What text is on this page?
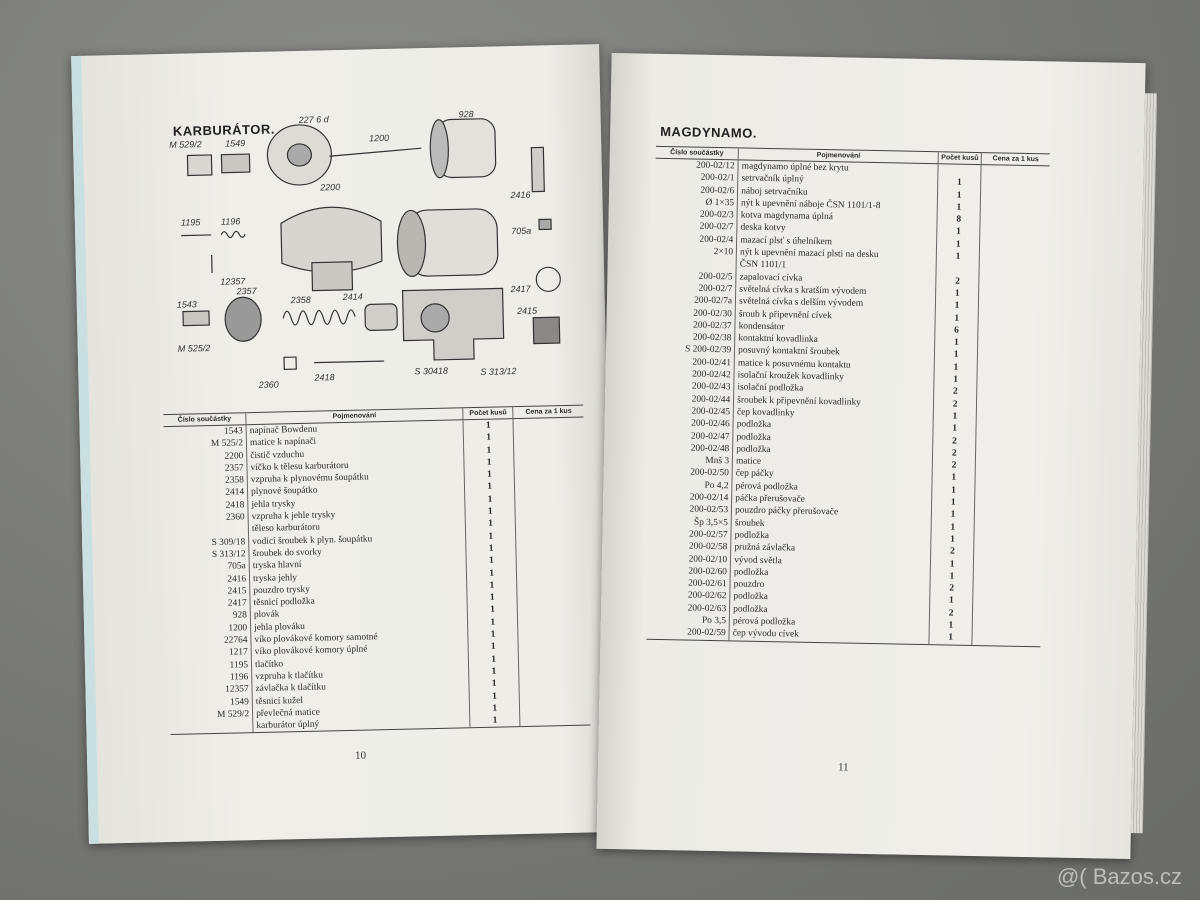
KARBURÁTOR.
M 529/2	1549
227 6 d
928
1200
2416
2200
1195 1196
12357
705a
2417
1543
2357
2358	2414
M 525/2
2415
2360
2418
S 30418	S 313/12
Číslo součástky	Pojmenování	Počet kusů	Cena za 1 kus
1543	napínač Bowdenu	1	
M 525/2	matice k napínači	1	
2200	čistič vzduchu	1	
2357	víčko k tělesu karburátoru	1	
2358	vzpruha k plynovému šoupátku	1	
2414	plynové šoupátko	1	
2418	jehla trysky	1	
2360	vzpruha k jehle trysky	1	
	těleso karburátoru	1	
S 309/18	vodicí šroubek k plyn. šoupátku	1	
S 313/12	šroubek do svorky	1	
705a	tryska hlavní	1	
2416	tryska jehly	1	
2415	pouzdro trysky	1	
2417	těsnicí podložka	1	
928	plovák	1	
1200	jehla plováku	1	
22764	víko plovákové komory samotné	1	
1217	víko plovákové komory úplné	1	
1195	tlačítko	1	
1196	vzpruha k tlačítku	1	
12357	závlačka k tlačítku	1	
1549	těsnicí kužel	1	
M 529/2	převlečná matice	1	
	karburátor úplný	1	
10
MAGDYNAMO.
Číslo součástky	Pojmenování	Počet kusů	Cena za 1 kus
200-02/12	magdynamo úplné bez krytu		
200-02/1	setrvačník úplný	1	
200-02/6	náboj setrvačníku	1	
Ø 1×35	nýt k upevnění náboje ČSN 1101/1-8	1	
200-02/3	kotva magdynama úplná	8	
200-02/7	deska kotvy	1	
200-02/4	mazací plsť s úhelníkem	1	
2×10	nýt k upevnění mazací plsti na desku	1	
	ČSN 1101/1		
200-02/5	zapalovací cívka	2	
200-02/7	světelná cívka s kratším vývodem	1	
200-02/7a	světelná cívka s delším vývodem	1	
200-02/30	šroub k připevnění cívek	1	
200-02/37	kondensátor	6	
200-02/38	kontaktní kovadlinka	1	
S 200-02/39	posuvný kontaktní šroubek	1	
200-02/41	matice k posuvnému kontaktu	1	
200-02/42	isolační kroužek kovadlinky	1	
200-02/43	isolační podložka	2	
200-02/44	šroubek k připevnění kovadlinky	2	
200-02/45	čep kovadlinky	1	
200-02/46	podložka	1	
200-02/47	podložka	2	
200-02/48	podložka	2	
Mnš 3	matice	2	
200-02/50	čep páčky	1	
Po 4,2	pérová podložka	1	
200-02/14	páčka přerušovače	1	
200-02/53	pouzdro páčky přerušovače	1	
Šp 3,5×5	šroubek	1	
200-02/57	podložka	1	
200-02/58	pružná závlačka	2	
200-02/10	vývod světla	1	
200-02/60	podložka	1	
200-02/61	pouzdro	2	
200-02/62	podložka	1	
200-02/63	podložka	2	
Po 3,5	pérová podložka	1	
200-02/59	čep vývodu cívek	1	
11
@( Bazos.cz
